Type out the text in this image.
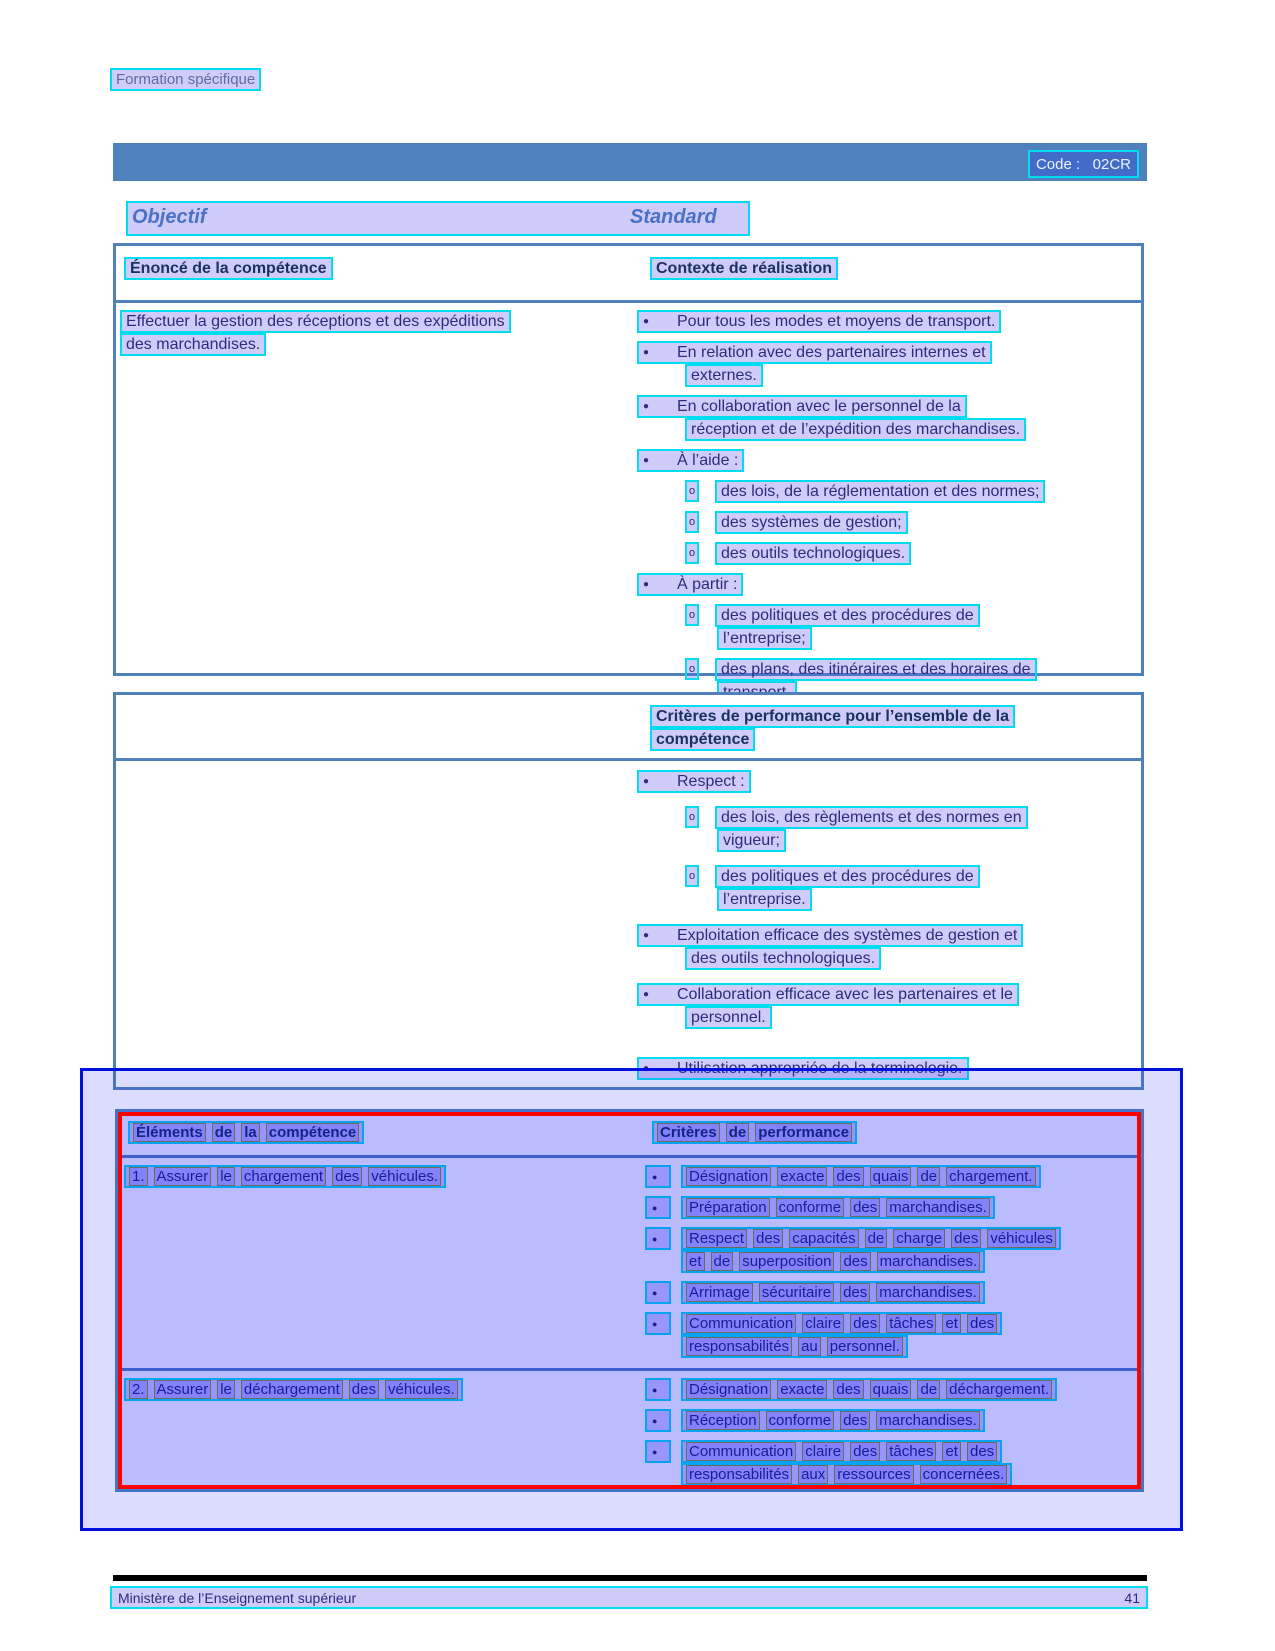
Formation spécifique
Code :   02CR
Objectif	Standard
Énoncé de la compétence	Contexte de réalisation
Effectuer la gestion des réceptions et des expéditions
des marchandises.
●	Pour tous les modes et moyens de transport.
●	En relation avec des partenaires internes et
externes.
●	En collaboration avec le personnel de la
réception et de l’expédition des marchandises.
●	À l’aide :
o des lois, de la réglementation et des normes;
o des systèmes de gestion;
o des outils technologiques.
●	À partir :
o des politiques et des procédures de
l’entreprise;
o des plans, des itinéraires et des horaires de
Critères de performance pour l’ensemble de la
compétence
●	Respect :
o des lois, des règlements et des normes en
vigueur;
o des politiques et des procédures de
l’entreprise.
●	Exploitation efficace des systèmes de gestion et
des outils technologiques.
●	Collaboration efficace avec les partenaires et le
personnel.
●	Utilisation appropriée de la terminologie.
Éléments de la compétence	Critères de performance
1. Assurer le chargement des véhicules.	●	Désignation exacte des quais de chargement.
●	Préparation conforme des marchandises.
●	Respect des capacités de charge des véhicules
et de superposition des marchandises.
●	Arrimage sécuritaire des marchandises.
●	Communication claire des tâches et des
responsabilités au personnel.
2. Assurer le déchargement des véhicules.	●	Désignation exacte des quais de déchargement.
●	Réception conforme des marchandises.
●	Communication claire des tâches et des
responsabilités aux ressources concernées.
Ministère de l’Enseignement supérieur	41
